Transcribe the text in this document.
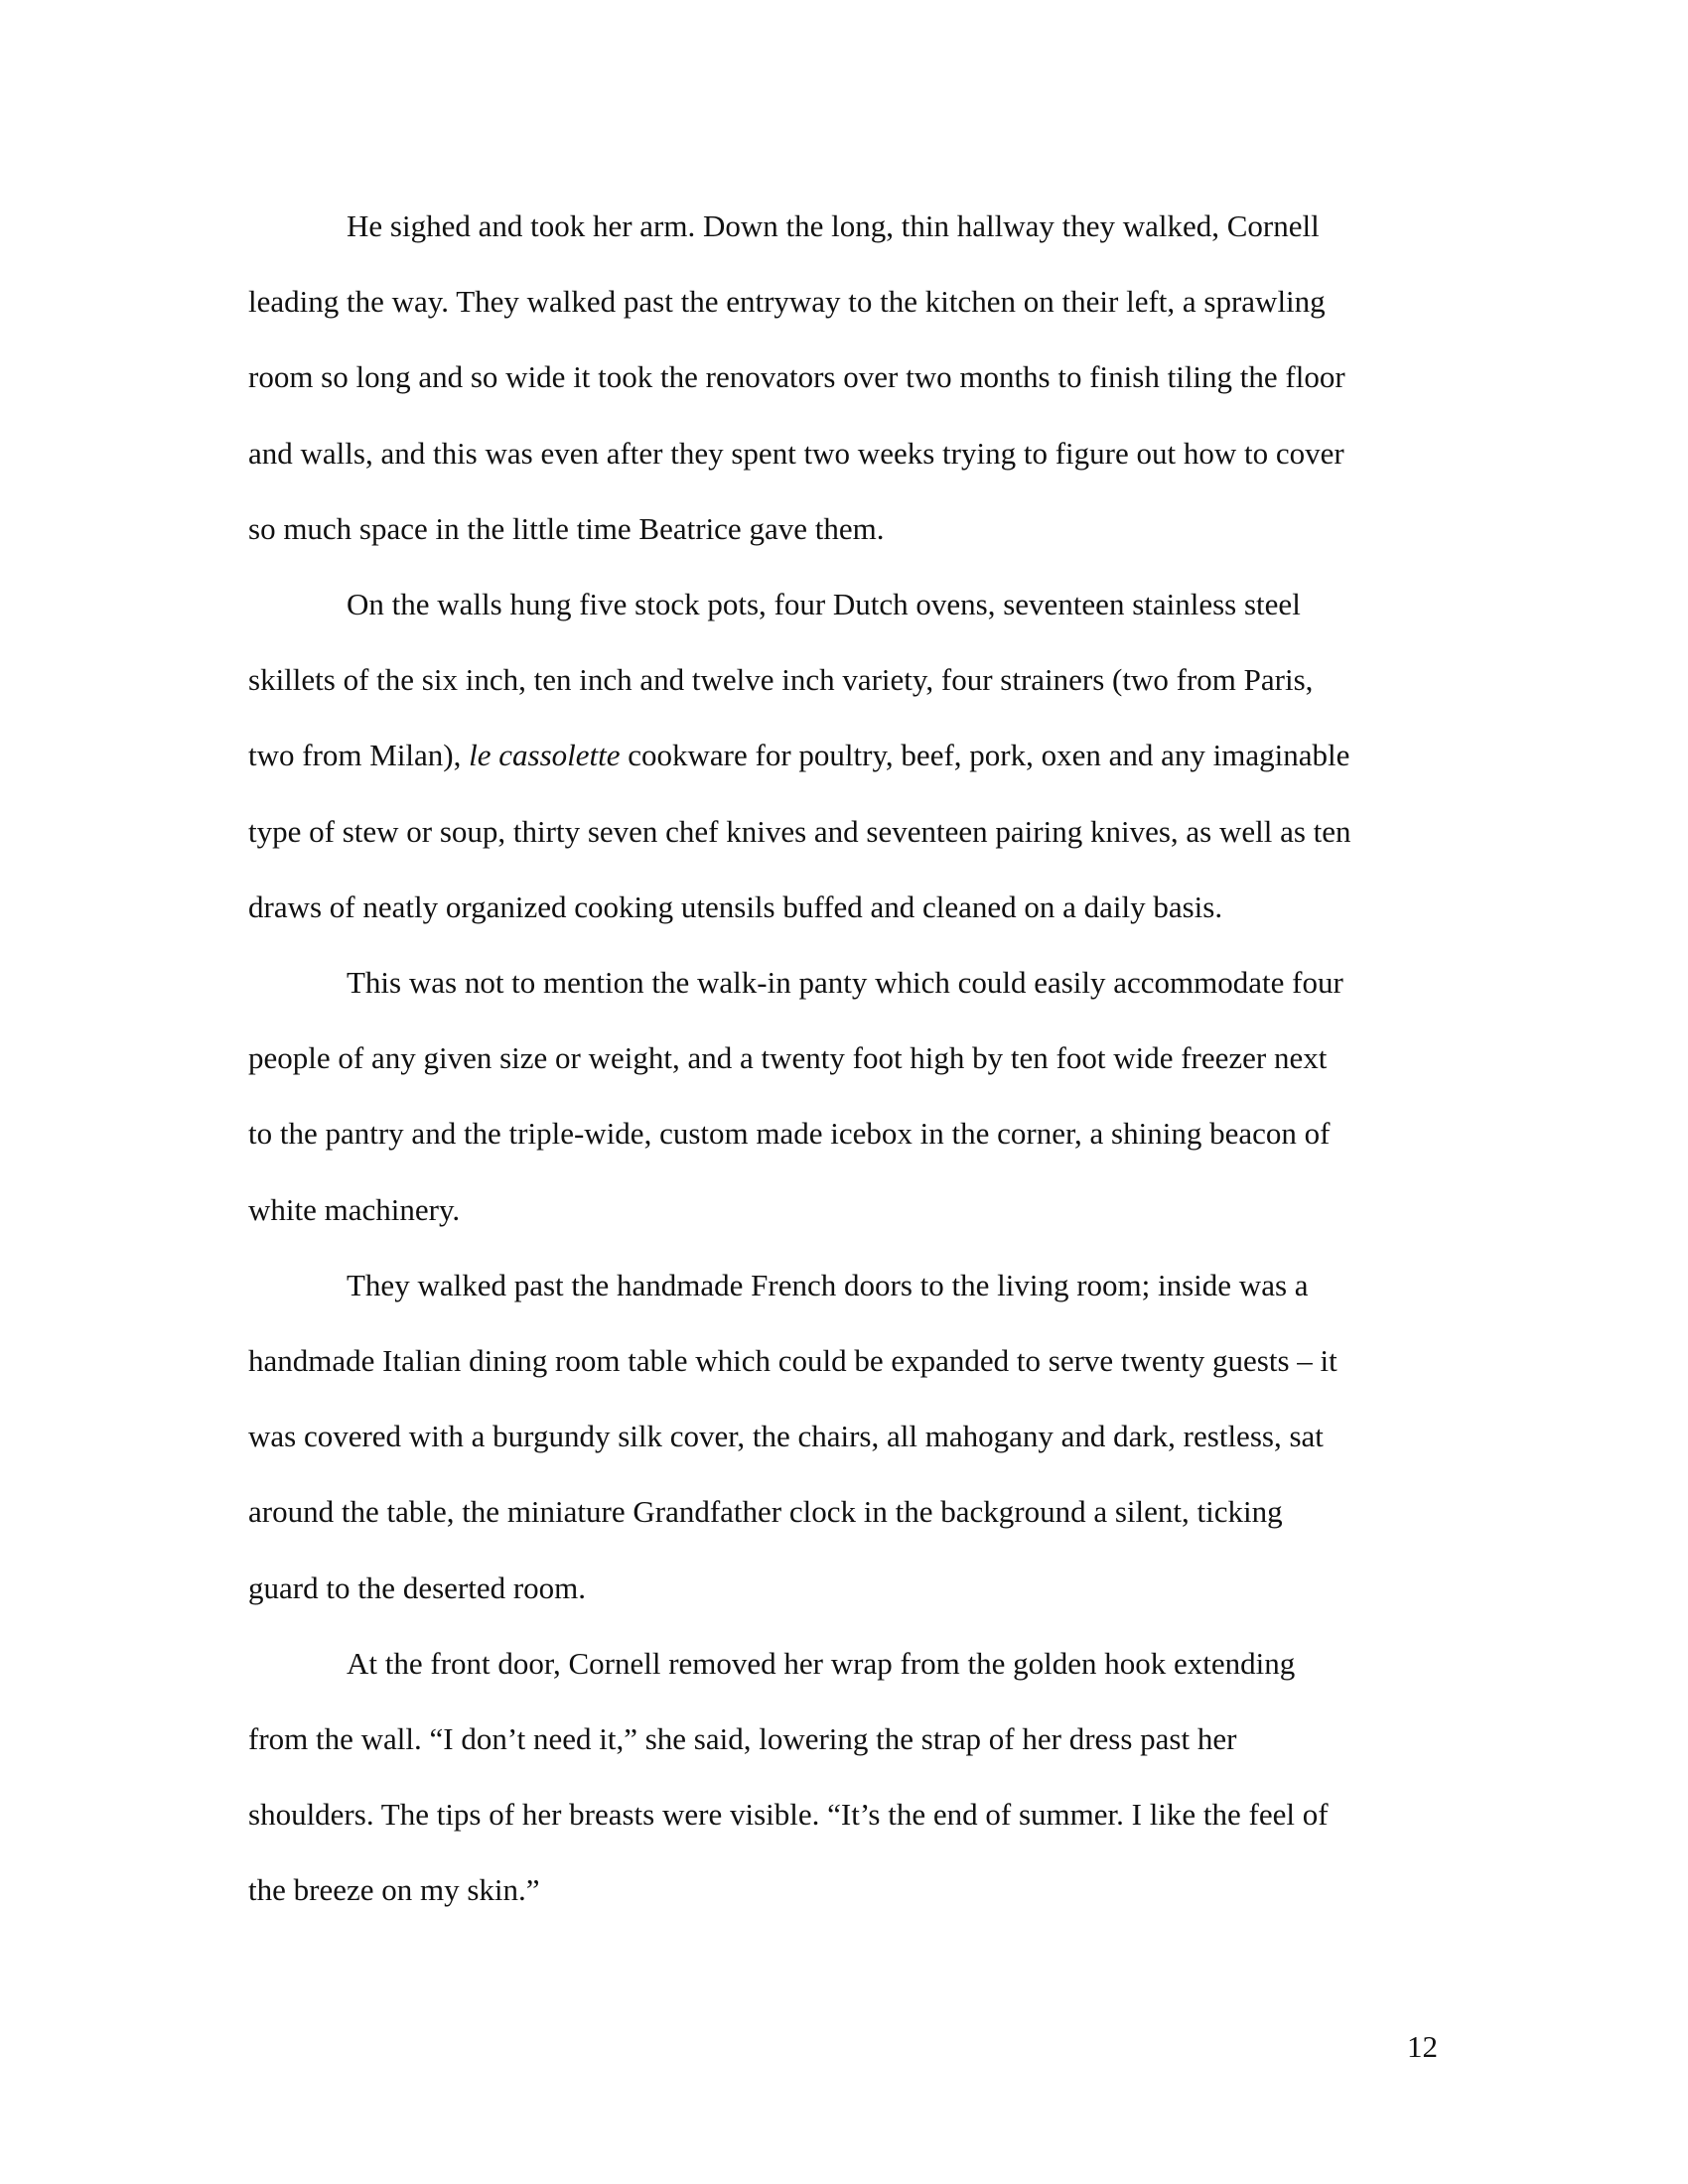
He sighed and took her arm. Down the long, thin hallway they walked, Cornell
leading the way. They walked past the entryway to the kitchen on their left, a sprawling
room so long and so wide it took the renovators over two months to finish tiling the floor
and walls, and this was even after they spent two weeks trying to figure out how to cover
so much space in the little time Beatrice gave them.

On the walls hung five stock pots, four Dutch ovens, seventeen stainless steel
skillets of the six inch, ten inch and twelve inch variety, four strainers (two from Paris,
two from Milan), le cassolette cookware for poultry, beef, pork, oxen and any imaginable
type of stew or soup, thirty seven chef knives and seventeen pairing knives, as well as ten
draws of neatly organized cooking utensils buffed and cleaned on a daily basis.

This was not to mention the walk-in panty which could easily accommodate four
people of any given size or weight, and a twenty foot high by ten foot wide freezer next
to the pantry and the triple-wide, custom made icebox in the corner, a shining beacon of
white machinery.

They walked past the handmade French doors to the living room; inside was a
handmade Italian dining room table which could be expanded to serve twenty guests – it
was covered with a burgundy silk cover, the chairs, all mahogany and dark, restless, sat
around the table, the miniature Grandfather clock in the background a silent, ticking
guard to the deserted room.

At the front door, Cornell removed her wrap from the golden hook extending
from the wall. “I don’t need it,” she said, lowering the strap of her dress past her
shoulders. The tips of her breasts were visible. “It’s the end of summer. I like the feel of
the breeze on my skin.”

12
